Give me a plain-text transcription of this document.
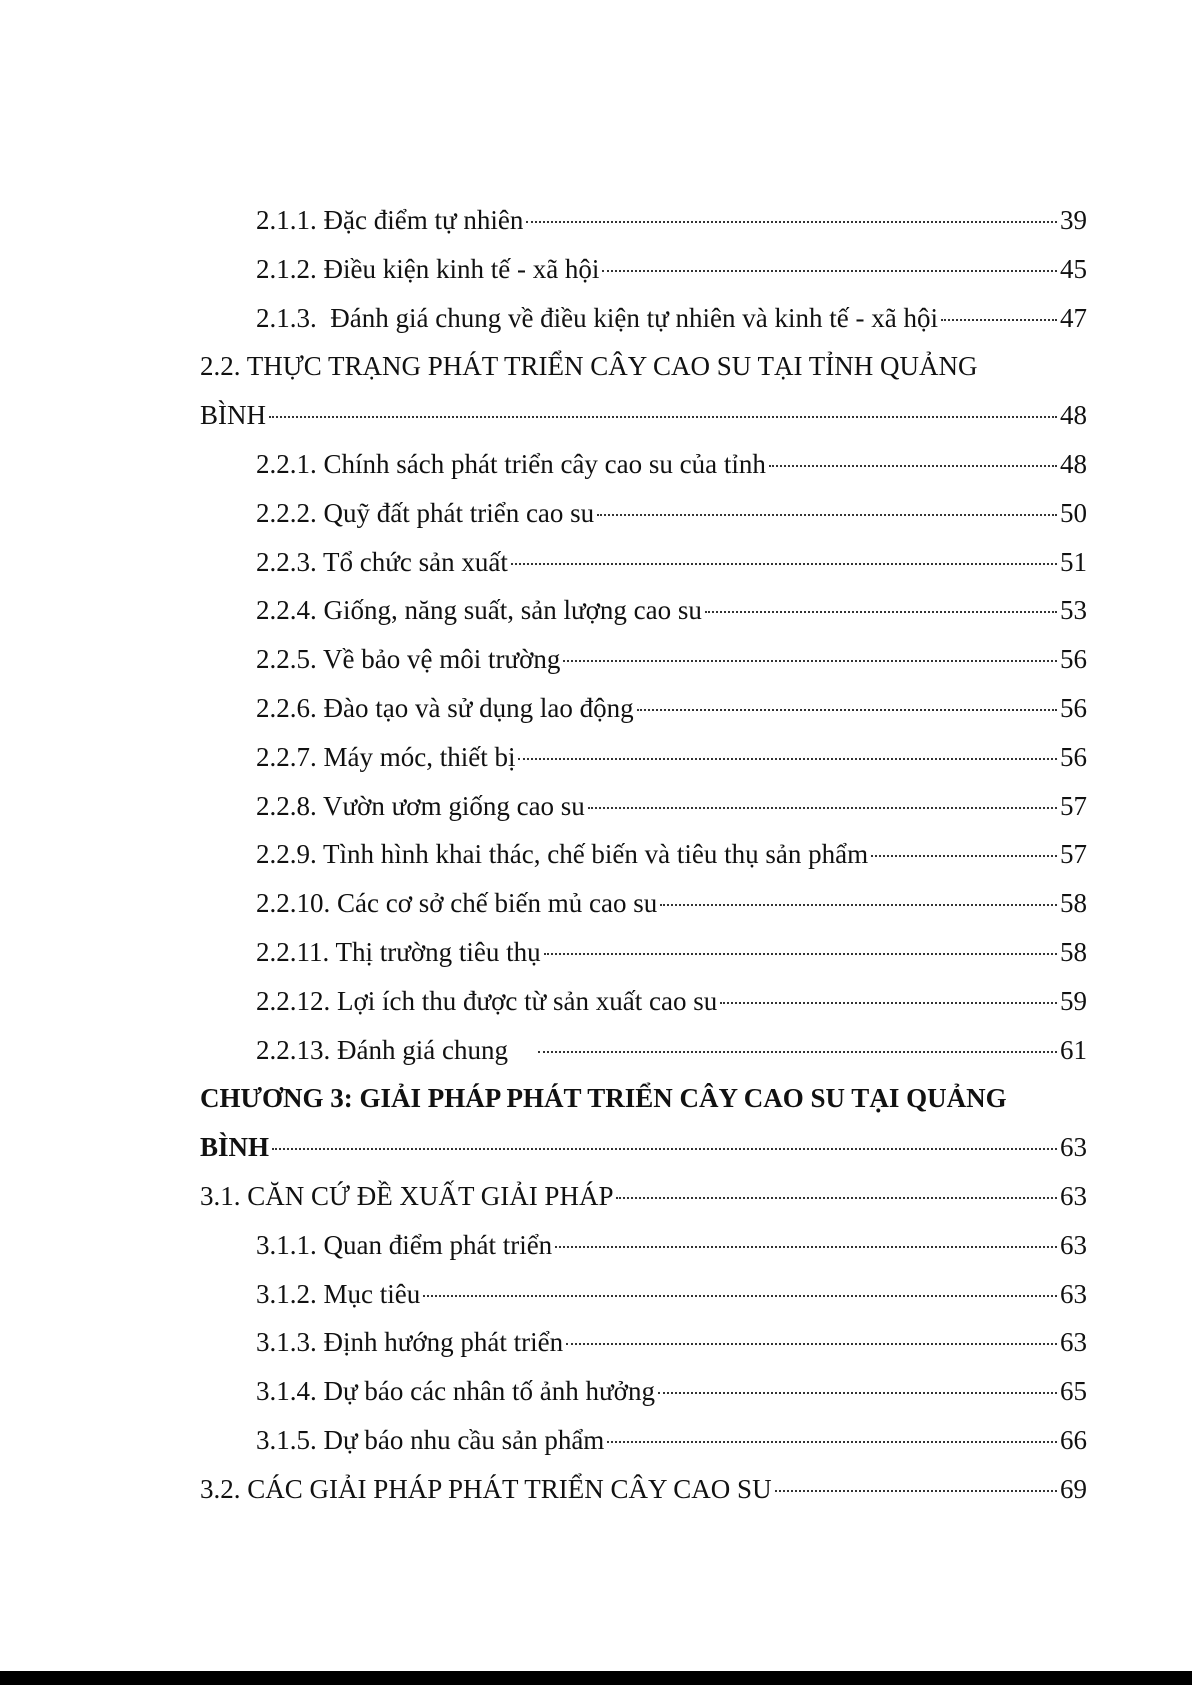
2.1.1. Đặc điểm tự nhiên	39
2.1.2. Điều kiện kinh tế - xã hội	45
2.1.3.  Đánh giá chung về điều kiện tự nhiên và kinh tế - xã hội	47
2.2. THỰC TRẠNG PHÁT TRIỂN CÂY CAO SU TẠI TỈNH QUẢNG
BÌNH	48
2.2.1. Chính sách phát triển cây cao su của tỉnh	48
2.2.2. Quỹ đất phát triển cao su	50
2.2.3. Tổ chức sản xuất	51
2.2.4. Giống, năng suất, sản lượng cao su	53
2.2.5. Về bảo vệ môi trường	56
2.2.6. Đào tạo và sử dụng lao động	56
2.2.7. Máy móc, thiết bị	56
2.2.8. Vườn ươm giống cao su	57
2.2.9. Tình hình khai thác, chế biến và tiêu thụ sản phẩm	57
2.2.10. Các cơ sở chế biến mủ cao su	58
2.2.11. Thị trường tiêu thụ	58
2.2.12. Lợi ích thu được từ sản xuất cao su	59
2.2.13. Đánh giá chung	61
CHƯƠNG 3: GIẢI PHÁP PHÁT TRIỂN CÂY CAO SU TẠI QUẢNG
BÌNH	63
3.1. CĂN CỨ ĐỀ XUẤT GIẢI PHÁP	63
3.1.1. Quan điểm phát triển	63
3.1.2. Mục tiêu	63
3.1.3. Định hướng phát triển	63
3.1.4. Dự báo các nhân tố ảnh hưởng	65
3.1.5. Dự báo nhu cầu sản phẩm	66
3.2. CÁC GIẢI PHÁP PHÁT TRIỂN CÂY CAO SU	69
